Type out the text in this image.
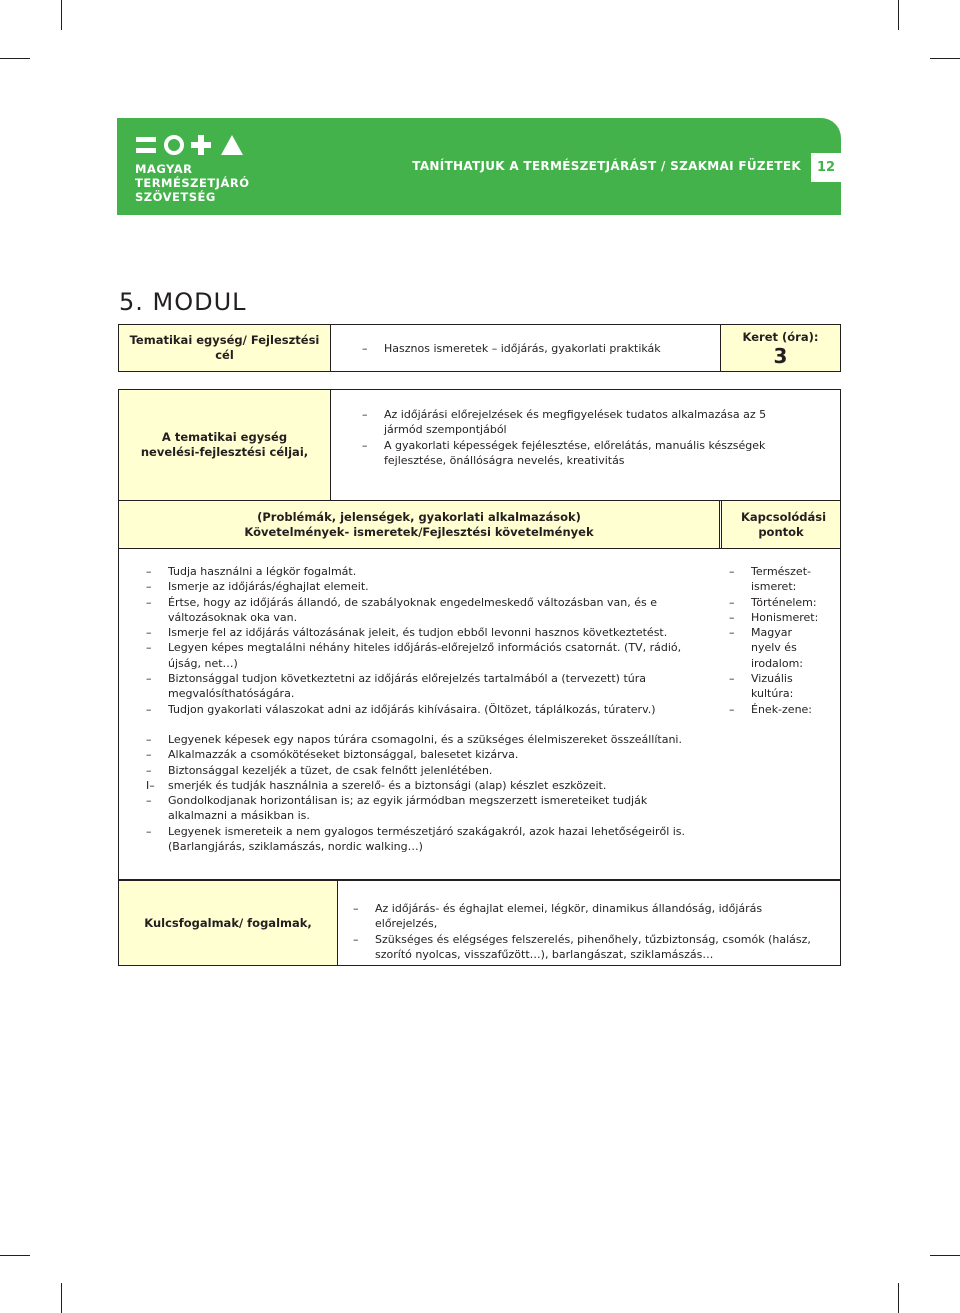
MAGYAR
TERMÉSZETJÁRÓ
SZÖVETSÉG
TANÍTHATJUK A TERMÉSZETJÁRÁST / SZAKMAI FÜZETEK	12
5. MODUL
Tematikai egység/ Fejlesztési cél	– Hasznos ismeretek – időjárás, gyakorlati praktikák
Keret (óra):
3
A tematikai egység nevelési-fejlesztési céljai,
– Az időjárási előrejelzések és megfigyelések tudatos alkalmazása az 5 jármód szempontjából
– A gyakorlati képességek fejélesztése, előrelátás, manuális készségek fejlesztése, önállóságra nevelés, kreativitás
(Problémák, jelenségek, gyakorlati alkalmazások)
Követelmények- ismeretek/Fejlesztési követelmények
Kapcsolódási pontok
– Tudja használni a légkör fogalmát.
– Ismerje az időjárás/éghajlat elemeit.
– Értse, hogy az időjárás állandó, de szabályoknak engedelmeskedő változásban van, és e változásoknak oka van.
– Ismerje fel az időjárás változásának jeleit, és tudjon ebből levonni hasznos következtetést.
– Legyen képes megtalálni néhány hiteles időjárás-előrejelző információs csatornát. (TV, rádió, újság, net…)
– Biztonsággal tudjon következtetni az időjárás előrejelzés tartalmából a (tervezett) túra megvalósíthatóságára.
– Tudjon gyakorlati válaszokat adni az időjárás kihívásaira. (Öltözet, táplálkozás, túraterv.)
– Legyenek képesek egy napos túrára csomagolni, és a szükséges élelmiszereket összeállítani.
– Alkalmazzák a csomókötéseket biztonsággal, balesetet kizárva.
– Biztonsággal kezeljék a tüzet, de csak felnőtt jelenlétében.
I– smerjék és tudják használnia a szerelő- és a biztonsági (alap) készlet eszközeit.
– Gondolkodjanak horizontálisan is; az egyik jármódban megszerzett ismereteiket tudják alkalmazni a másikban is.
– Legyenek ismereteik a nem gyalogos természetjáró szakágakról, azok hazai lehetőségeiről is. (Barlangjárás, sziklamászás, nordic walking…)
– Természet-ismeret:
– Történelem:
– Honismeret:
– Magyar nyelv és irodalom:
– Vizuális kultúra:
– Ének-zene:
Kulcsfogalmak/ fogalmak,
– Az időjárás- és éghajlat elemei, légkör, dinamikus állandóság, időjárás előrejelzés,
– Szükséges és elégséges felszerelés, pihenőhely, tűzbiztonság, csomók (halász, szorító nyolcas, visszafűzött…), barlangászat, sziklamászás…
